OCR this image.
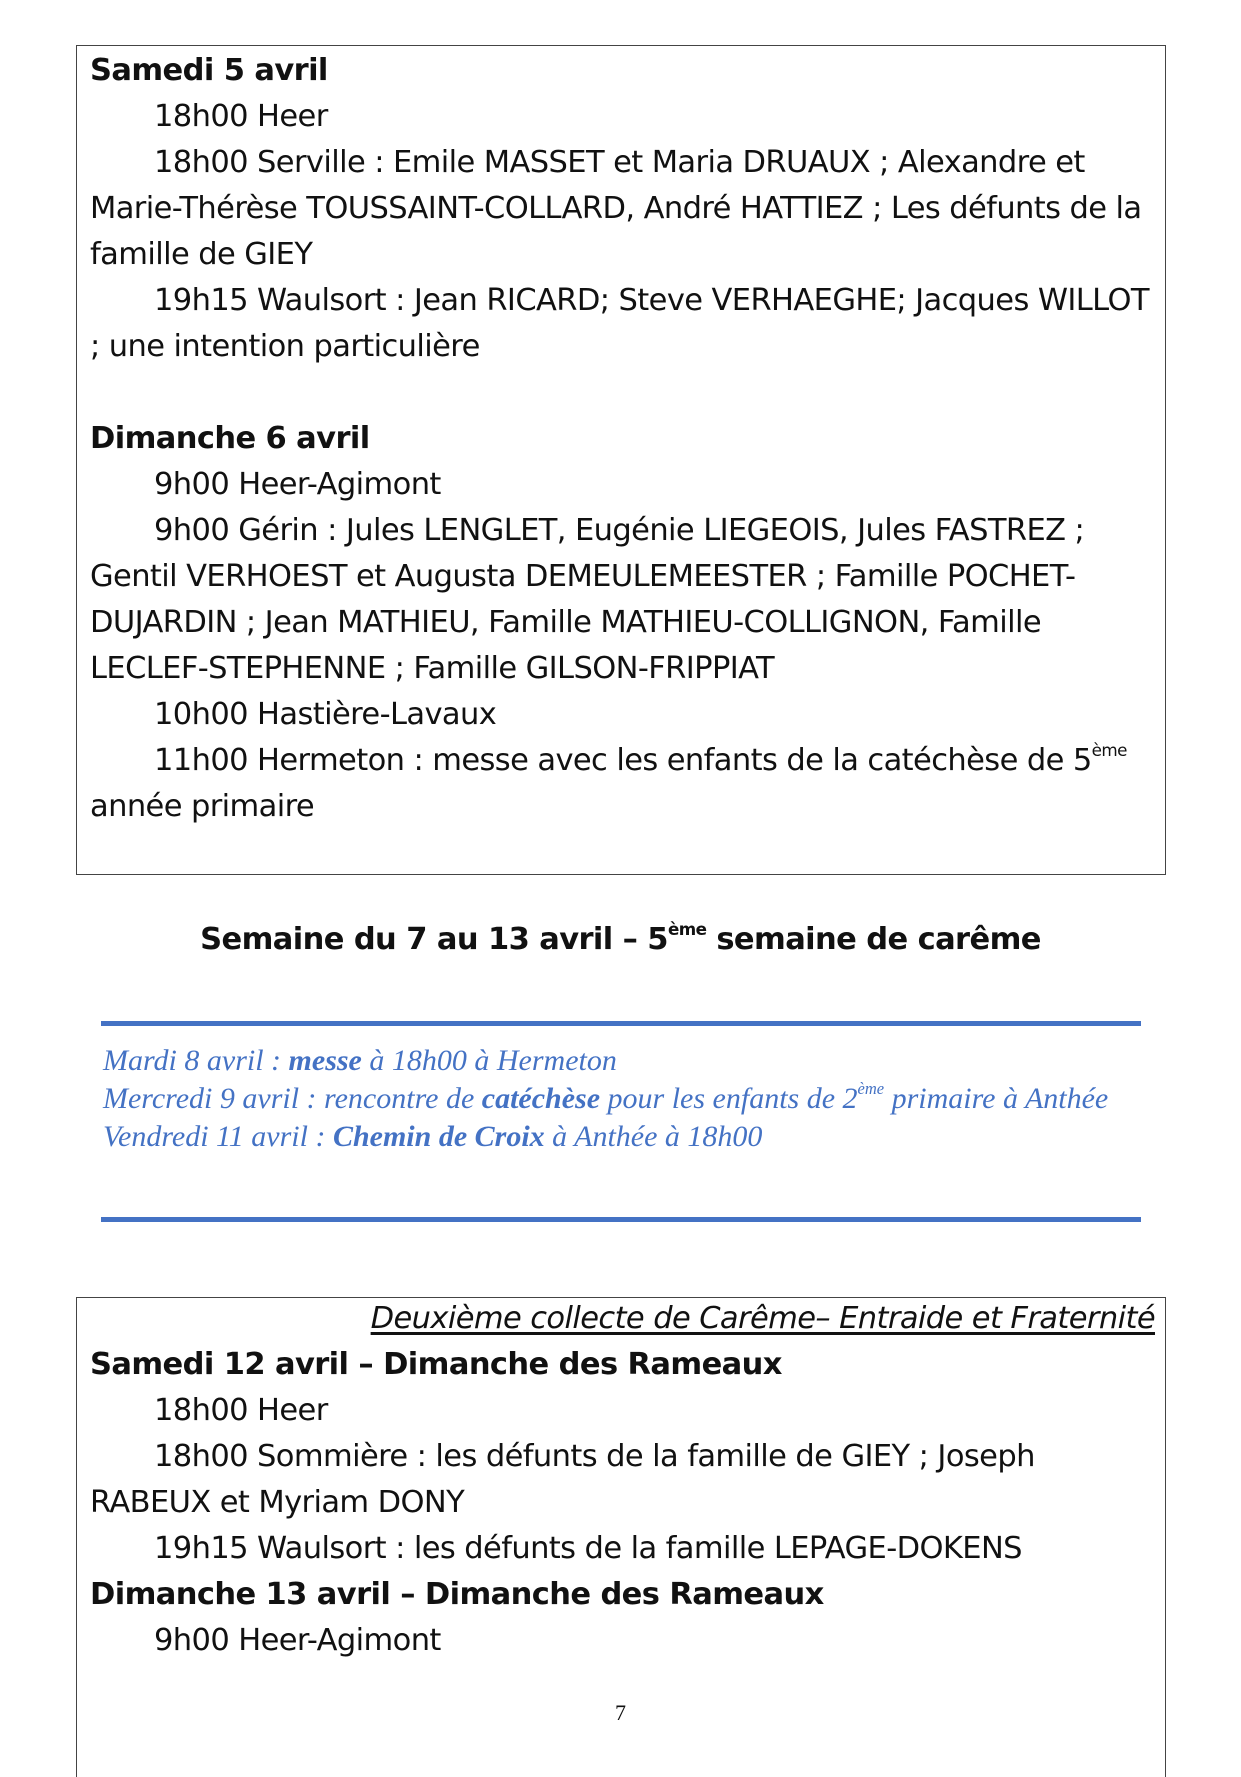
Samedi 5 avril
18h00 Heer
18h00 Serville : Emile MASSET et Maria DRUAUX ; Alexandre et Marie-Thérèse TOUSSAINT-COLLARD, André HATTIEZ ; Les défunts de la famille de GIEY
19h15 Waulsort : Jean RICARD; Steve VERHAEGHE; Jacques WILLOT ; une intention particulière
Dimanche 6 avril
9h00 Heer-Agimont
9h00 Gérin : Jules LENGLET, Eugénie LIEGEOIS, Jules FASTREZ ; Gentil VERHOEST et Augusta DEMEULEMEESTER ; Famille POCHET-DUJARDIN ; Jean MATHIEU, Famille MATHIEU-COLLIGNON, Famille LECLEF-STEPHENNE ; Famille GILSON-FRIPPIAT
10h00 Hastière-Lavaux
11h00 Hermeton : messe avec les enfants de la catéchèse de 5ème année primaire
Semaine du 7 au 13 avril – 5ème semaine de carême
Mardi 8 avril : messe à 18h00 à Hermeton
Mercredi 9 avril : rencontre de catéchèse pour les enfants de 2ème primaire à Anthée
Vendredi 11 avril : Chemin de Croix à Anthée à 18h00
Deuxième collecte de Carême– Entraide et Fraternité
Samedi 12 avril – Dimanche des Rameaux
18h00 Heer
18h00 Sommière : les défunts de la famille de GIEY ; Joseph RABEUX et Myriam DONY
19h15 Waulsort : les défunts de la famille LEPAGE-DOKENS
Dimanche 13 avril – Dimanche des Rameaux
9h00 Heer-Agimont
7
